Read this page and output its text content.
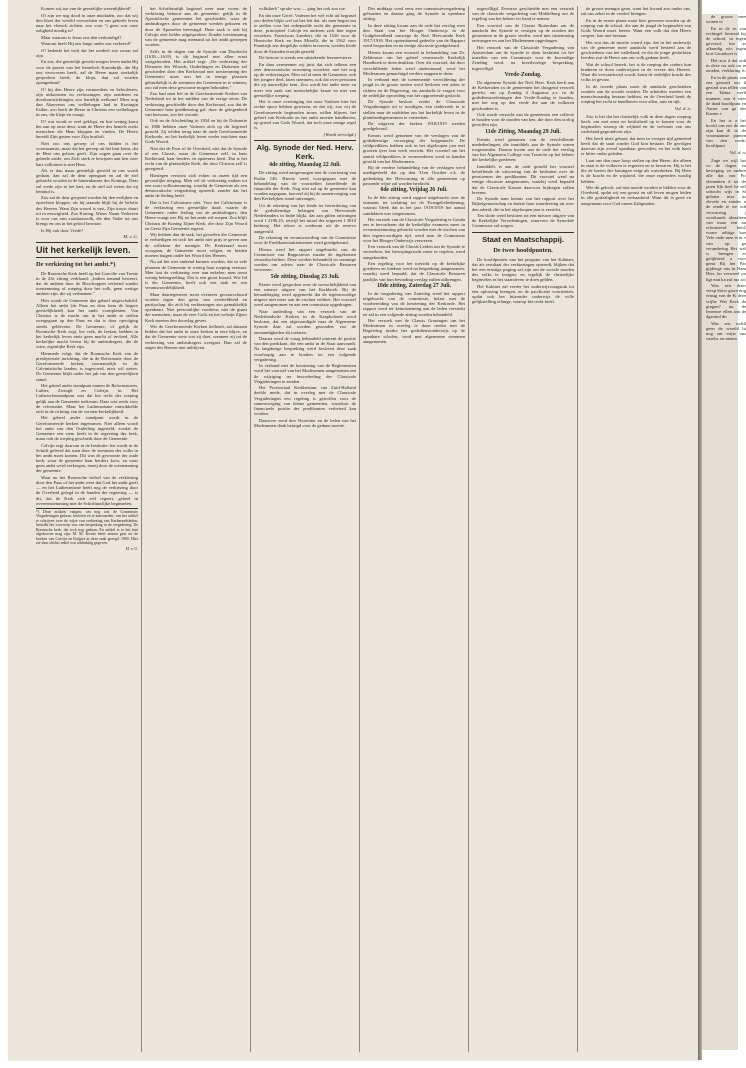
Komen wij toe van de geestelijke wesenlijkheid?

Of zijn we nog dood in onze misdaden, zoo dat wij den bloei der wereld verwachten en ons geheele leven naar het vleesch richten, zoo voor "t geen wat onze zaligheid noodig is?

Maar waarom is Jezus ons den verkondigd?

Waarom heeft Hij ons lange onder ons verkeerd?

O! bedenkt het toch dat het oordeel zoo zwaar zal zijn.

En zist, die geestelijk gewekt mogen leven nadat Hij voor de poorte van het hemelsch Koninkrijk, die Hij ons verworven heeft, zal de Heere maar werkelijk gesproken heeft; de klopt, dan zal worden opengedaan?

O! bij den Heere zijn vermoedens en beloofenen, zijn uitkomsten en verlossingen, zijn zonderen en doorkomstichtingen, zoo hartelijk welkomt! Meer nog dan Ahasverus ons welbehagen had in Koningin Esther, zoo heeft de Heere in Christus een welbehagen in ons, die klopt en vraagt.

O! wat wordt er veel geklopt, en hoe weinig komt het aan op onze deur, want de Heere des hemels zoekt menschen die Hem kloppen en vinden. De Heere bereidt Zijn gasten voor Zijn bruiloft.

Niet zoo ons geroep of ons bidden is het voornaamste, maar dat het geroep uit het hart komt, dat de Heer ons gehoor geeft. Zijn oogen gaan over de geheele aarde, om Zich sterk te bewijzen aan hen wier hart volkomen is met Hem.

Als er dan maar geestelijk geweld in ons wordt gedaan, dan zal de deur opengaan en zal de ziel gebracht worden in de binnenkamer des Konings. Daar zal vrede zijn in het hart, en de ziel zal weten dat zij bemind is.

Zoo zal de deur geopend worden bij den eerlijken en oprechten klopper, als hij staande blijft bij de belofte des Heeren. Want Zijn woord is vast, Zijn trouw duurt tot in eeuwigheid. Zoo Koning, Wiens Naam Verheven is voor ons arm zondaarsvolk, die den Vader tot ons brengt en ons in het geloof bewaart.

Is Hij ook door Vrede?

M. v. G.
Uit het kerkelijk leven.
De verkiezing tot het ambt.*)

De Roomsche Kerk heeft op het Concilie van Trente in de 23e zitting verklaard: „Indien iemand beweert, dat de ambten door de Bisschoppen verleend zonder toestemming of roeping door het volk, geen wettige ambten zijn, die zij verbannen."

Hier wordt de Gemeente dus geheel uitgeschakeld. Alleen het ambt (de Paus en door hem de hogere geestelijkheid) kan het ambt voortplanten. Van Christus is de macht om in het ambt te stellen overgegaan op den Paus en dat is door opvolging steeds geblevene. De Gemeente, of gelijk de Roomsche Kerk zegt, het volk, de leeken, hebben in het kerkelijk leven niets geen macht of invloed. Alle kerkelijke macht berust bij de ambtsdragers, die de ware, eigenlijke Kerk zijn.

Hiermede volgt, dat de Roomsche Kerk van de presbyteriale inrichting, die in de Reformatie door de Gereformeerde kerken, voornamelijk in de Calvinistische landen, is ingevoerd, niets wil weten. De Gemeente blijft onder het juk van den geestelijken stand.

Het geheel ander standpunt namen de Reformatoren, Luther, Zwingli en Calvijn, in. Het Lutherschestandpunt was dat het recht der roeping gelijk aan de Gemeente toekwam. Daar was reeds voor de reformatie. Maar het Lutheranisme ontwikkelde zich in de richting van de vorsten-kerkelijkheid.

Het geheel ander standpunt wordt in de Gereformeerde kerken ingenomen. Niet alleen wordt het ambt van den Ouderling ingesteld, zoodat de Gemeente een stem heeft in de regeering der kerk, maar ook de roeping geschiedt door de Gemeente.

Calvijn zegt daarvan in de Institutie: het wordt in de Schrift geleerd dat men door de stemmen des volks in het ambt moet komen. Dit was de gewoonte der oude kerk, waar de gemeente haar herders koos, en waar geen ambt werd verkregen, tenzij door de toestemming der gemeente.

Waar nu het Roomsche stelsel van de verkiezing door den Paus of het ambt weet dat God het ambt geeft — en het Lutheranisme heeft nog de verkiezing door de Overheid gelegd in de handen der regeering — is dit, dat de Kerk zich zelf regeert, geheel in overeenstemming met de Schriftuurlijke beginselen.

*) Deze artikels vangen, om nog wat de Commissie Vergaderingen gedaan, besloten en te aanvaarden, van het artikel te schrijven over de wijze van verkiezing van Kerkeraadsleden, hetwelk het voorwerp was van bespreking in de vergadering. De Roomsche kerk, dat toch nog gedaan, En artikel is te het hart afgekorven mag zijn. M. M. Koster heeft zinnen gezi uit de boeken van Calvijn en Kuijper in deze zaak gezegd. 1860. Hier zie daar slechts enkel wat uitdrukkig gegeven.
M. v. G.

het Schriftuurlijk beginsel weer naar voren: de verkiezing behoort aan de gemeente, gelijk in de Apostolische gemeenten het geschiedde, waar de ambtsdragers door de gemeente werden gekozen en door de Apostelen bevestigd. Deze zaak is ook bij Calvijn zeer helder uitgesproken. Zonder toestemming van de gemeente mag niemand tot het ambt geroepen worden.

Zelfs in de dagen van de Synode van Dordrecht (1618—1619) is dit beginsel met allen ernst vastgehouden. Het artikel zegt: „De verkiezing der Dienaren des Woords, Ouderlingen en Diakenen zal geschieden door den Kerkeraad met toestemming der Gemeente; maar zoo het in eenige plaatsen gebruikelijk is de stemmen der Gemeente in te winnen, zoo zal men deze gewoonte mogen behouden."

Zoo had men het in de Gereformeerde Kerken van Nederland tot in het midden van de vorige eeuw. De verkiezing geschiedde door den Kerkeraad, zoo dat de Gemeente haar goedkeuring gaf, door de gelegenheid van bezwaar, zoo het woordt.

Ook na de Afscheiding in 1834 en bij de Doleantie in 1886 hebben onze Vaderen zich op dit beginsel gesteld. Zij wilden terug naar de oude Gereformeerde Kerkorde, en het kerkelijk leven weder inrichten naar Gods Woord.

Niet dat de Paus of de Overheid, niet dat de Synode of een Classis, maar de Gemeente zelf, in haar Kerkeraad, haar herders en opzieners kiest. Dat is het recht van de plaatselijke Kerk, die door Christus zelf is geregeerd.

Hiertegen vertoont zich echter in onzen tijd een gevaarlijke neiging. Men wil de verkiezing maken tot een soort volksstemming, waarbij de Gemeente als een democratische vergadering optreedt, zonder dat het ambt de leiding heeft.

Dat is het Calvinisme niet. Voor het Calvinisme is de verkiezing een geestelijke daad, waarin de Gemeente, onder leiding van de ambtsdragers, den Heere vraagt wie Hij tot het ambt wil roepen. Zoo blijft Christus de Koning Zijner Kerk, die door Zijn Woord en Geest Zijn Gemeente regeert.

Wij hebben dan de taak, het gevoelen der Gemeente te eerbiedigen en toch het ambt niet prijs te geven aan de willekeur der menigte. De Kerkeraad moet voorgaan, de Gemeente moet volgen, en beiden moeten buigen onder het Woord des Heeren.

Nu zal het niet ontkend kunnen worden, dat in vele plaatsen de Gemeente te weinig haar roeping verstaat. Men laat de verkiezing over aan enkelen; men toont weinig belangstelling. Dat is een groot kwaad. Wie lid is der Gemeente, heeft ook een taak en een verantwoordelijkheid.

Maar daartegenover moet evenzeer gewaarschuwd worden tegen den geest van verdeeldheid en partijschap, die zich bij verkiezingen zoo gemakkelijk openbaart. Niet persoonlijke voorkeur, niet de gunst der menschen, maar de eere Gods en het welzijn Zijner Kerk moeten den doorslag geven.

Wie de Gereformeerde Kerken liefheeft, zal daarom bidden dat het ambt in onze kerken in eere blijve, en dat de Gemeente wete wat zij doet, wanneer zij tot de verkiezing van ambtsdragers overgaat. Dan zal de zegen des Heeren niet uitblijven.

volkskerk" sprake was — ging het ook zoo toe.

En dat onze Geref. Vaderen het wel echt uit beginsel zoo deden blijkt wel uit het feit dat, als men begon om te stellen voor het onbepaalde recht der gemeente in deze, principieel Calvijn en anderen zich hier tegen verzetten. Franciscus Lambert, die in 1526 voor de Hessische Kerk en Jean Morelli, die in 1562 voor Frankrijk iets dergelijks wilden invoeren, werden beide door de Synoden terzijde gesteld.

De historie is steeds een uitstekende leermeesteres.

En daar vermeenen wij juist dat zich telkens een zeer democratische strooming voordoet, met het oog op de verkiezingen. Men wil al meer de Gemeente, ook het jongere deel, laten stemmen, ook dat over personen die zij nauwelijks kent. Zoo wordt het ambt meer en meer een zaak van menschelijke keuze en niet van geestelijke roeping.

Het is onze overtuiging dat onze Vaderen hier het rechte spoor hebben gewezen, en dat wij, zoo wij de Gereformeerde beginselen trouw willen blijven, het geheel van Kerkorde en het ambt moeten handhaven, op grond van Gods Woord, dat toch onze eenige regel is.

(Wordt vervolgd.)
Alg. Synode der Ned. Herv. Kerk.
4de zitting, Maandag 22 Juli.

De zitting werd aangevangen met de voorlezing van Psalm 146. Hierna werd voortgegaan met de behandeling van de voorstellen betreffende de financiën der Kerk. Nog niet zal op de gemeente kan worden nagegaan, hoeveel zij bij de samenvoeging van den Kerkelijken stand ontvangen.

Uit de rekening van het fonds ter bevordering van de godsdienstige belangen van Hervormde Nederlanders in Indië blijkt, dat aan giften ontvangen werd f 2196.25, terwijl het totaal der uitgaven f 3010 bedroeg. Het tekort is wederom uit de reserve aangevuld.

De rekening en verantwoording van de Commissie voor de Predikantstraktementen werd goedgekeurd.

Hierna werd het rapport uitgebracht van de Commissie van Rapporteurs inzake de ingekomen verzoekschriften. Deze werden behandeld en sommige werden om advies naar de Classicale Besturen verwezen.

5de zitting, Dinsdag 23 Juli.

Eerste werd gesproken over de wenschelijkheid van een nieuwe uitgave van het Kerkboek. Bij de beraadslaging werd opgemerkt dat de tegenwoordige uitgave niet meer aan de eischen voldoet. Het voorstel werd aangenomen en aan een commissie opgedragen.

Naar aanleiding van een verzoek van de Nederlandsche Kerken in de Kaapkolonie werd besloten, dat een afgevaardigde naar de Algemeene Synode daar zal worden gezonden, zoo de omstandigheden dit toelaten.

Daarna werd de vraag behandeld omtrent de positie van den predikant, die een ambt in de Staat aanvaardt. Na langdurige bespreking werd besloten deze zaak voorloopig aan te houden tot een volgende vergadering.

In verband met de herziening van de Reglementen werd het voorstel van het Moderamen aangenomen om de wijziging ter beoordeeling der Classicale Vergaderingen te zenden.

Het Provinciaal Kerkbestuur van Zuid-Holland deelde mede, dat in overleg met de Classicale Vergaderingen een regeling is getroffen voor de samenvoeging van kleine gemeenten, waardoor de financieele positie der predikanten verbeterd kan worden.

Daarover werd den Voorzitter en de leden van het Moderamen dank betuigd voor de gedane moeite.

Des middags werd eerst een commissievergadering gehouden en daarna ging de Synode in openbare zitting.

In deze zitting kwam aan de orde het verslag over den Staat van het Hooger Onderwijs in de Godgeleerdheid vanwege de Ned. Hervormde Kerk 1917/1918. Het opzienbarend gedeelte van de Rapport werd besproken en na eenige discussie goedgekeurd.

Hierna kwam een voorstel in behandeling van Dr. Zeldenrust om het geheel vernieuwde Kerkelijk Handboek te doen drukken. Over dit voorstel, dat door verschillende leden werd ondersteund, werd het Moderamen gemachtigd verdere stappen te doen.

In verband met de toenemende verwildering der jeugd in de groote steden werd besloten een adres te richten tot de Regeering, om aandacht te vragen voor de zedelijke opvoeding van het opgroeiende geslacht.

De Synode besloot verder de Classicale Vergaderingen uit te noodigen, een onderzoek in te stellen naar de middelen om het kerkelijk leven in de plattelandsgemeenten te versterken.

De uitgaven der kerken 1918/1919 werden goedgekeurd.

Kennis werd genomen van de verslagen van de godsdienstige verzorging der krijgsmacht. De veldpredikers hebben ook in het afgeloopen jaar met grooten ijver hun werk verricht. Het voorstel om het aantal veldpredikers te vermeerderen werd in handen gesteld van het Moderamen.

Bij de verdere behandeling van de verslagen werd medegedeeld dat op den 31en October e.k. de gedenkdag der Hervorming in alle gemeenten op passende wijze zal worden herdacht.

6de zitting, Vrijdag 26 Juli.

In de 6de zitting werd rapport uitgebracht over de examens ter toelating tot de Evangeliebediening, waaruit bleek dat in het jaar 1918/1919 het aantal candidaten was toegenomen.

Het verzoek van de Classicale Vergadering te Gouda om te bevorderen dat de kerkelijke examens meer in overeenstemming gebracht worden met de eischen van den tegenwoordigen tijd, werd naar de Commissie voor het Hooger Onderwijs verwezen.

Een verzoek van de Classis Leiden om de Synode te verzoeken, het beroepingswerk meer te regelen, werd aangehouden.

Een regeling voor het toezicht op de kerkelijke goederen en fondsen werd na bespreking aangenomen, waarbij werd bepaald, dat de Classicale Besturen jaarlijks van hun bevinding verslag zullen uitbrengen.

10de zitting, Zaterdag 27 Juli.

In de vergadering van Zaterdag werd het rapport uitgebracht van de commissie, belast met de voorbereiding van de herziening der Kerkorde. Het rapport werd ter kennisneming aan de leden verstrekt en zal in een volgende zitting worden behandeld.

Het verzoek van de Classis Groningen om het Moderamen in overleg te doen treden met de Regeering inzake het godsdienstonderwijs op de openbare scholen, werd met algemeene stemmen aangenomen.

ingewilligd. Evenzoo geschiedde met een verzoek van de classicale vergadering van Middelburg om de regeling van het beheer ter hand te nemen.

Een voorstel van de Classis Rotterdam om de aandacht der Synode te vestigen op de nooden der gemeenten in de groote steden, werd met instemming ontvangen en aan het Moderamen opgedragen.

Het verzoek van de Classicale Vergadering van Amsterdam om de Synode te doen besluiten tot het instellen van een Commissie voor de Inwendige Zending werd, na breedvoerige bespreking, ingewilligd.

Vrede-Zondag.

De algemene Synode der Ned. Herv. Kerk heeft aan de Kerkeraden in de gemeenten het dringend verzoek gericht, om op Zondag 4 Augustus a.s. in de godsdienstoefeningen den Vrede-Zondag te houden, met het oog op den vrede die aan de volkeren geschonken is.

Ook wordt verzocht aan de gemeenten een collecte te houden voor de nooden van hen, die door den oorlog getroffen zijn.

11de Zitting, Maandag 29 Juli.

Kennis werd genomen van de verschillende mededeelingen, die inmiddels aan de Synode waren toegezonden. Daarna kwam aan de orde het verslag van het Algemeen College van Toezicht op het beheer der kerkelijke goederen.

Inmiddels is aan de orde gesteld het voorstel betreffende de uitvoering van de besluiten over de pensioenen der predikanten. Dit voorstel werd na eenige discussie aangenomen, waarbij werd bepaald dat de Classicale Kassen daarvoor bijdragen zullen leveren.

De Synode nam kennis van het rapport over het Bijbelgenootschap en drukte haar waardeering uit over den arbeid, die in het afgeloopen jaar is verricht.

Ten slotte werd besloten tot een nieuwe uitgave van de Kerkelijke Verordeningen, waarvoor de Synodale Commissie zal zorgen.

Staat en Maatschappij.
De twee hoofdpunten.

De hoofdpunten van het program van het Kabinet, dat als resultaat der verkiezingen optreedt, blijken dat het een ernstige poging zal zijn om de sociale nooden des volks te lenigen, en tegelijk de christelijke beginselen in het staatsleven te doen gelden.

Het Kabinet zal verder het onderwijsvraagstuk tot een oplossing brengen, en de pacificatie voortzetten, opdat ook het bijzonder onderwijs de volle gelijkstelling erlange, waarop het recht heeft.

de groote menigte gaan, want het kwaad zoo onder ons, zal ons zeker in de verderf brengen.

En in de eerste plaats moet hier gewezen worden op de roeping van de school, die aan de jeugd de beginselen van Gods Woord moet leeren. Want een volk dat den Heere vergeet, kan niet bestaan.

Het zou dus de moeite waard zijn, dat in het onderwijs van de gemeente meer aandacht werd besteed aan de geschiedenis van het vaderland, en dat de jonge geslachten leerden wat de Heere aan ons volk gedaan heeft.

Wat de school betreft, het is de roeping der ouders hun kinderen te doen onderwijzen in de vreeze des Heeren. Waar dit verwaarloosd wordt, komt de zedelijke kracht des volks in gevaar.

In de tweede plaats moet de aandacht geschonken worden aan de sociale nooden. De arbeiders moeten een menschwaardig bestaan hebben, en de Overheid heeft de roeping het recht te handhaven voor allen, arm en rijk.

Vol. d. n.

Zoo is het dat het christelijk volk in deze dagen roeping heeft, om met ernst en beslistheid op te komen voor de beginselen waarop de vrijheid en de welvaart van ons vaderland gegrondvest zijn.

Het heeft niets gebaat, dat men in vroeger tijd gemeend heeft dat de staat zonder God kon bestaan. De gevolgen daarvan zijn overal openbaar geworden, en het volk heeft er bitter onder geleden.

Laat ons dan onze hoop stellen op den Heere, die alleen in staat is de volkeren te regeeren en te bewaren. Hij is het die de harten der koningen neigt als waterbeken. Bij Hem is de kracht en de wijsheid, die onze regeerders noodig hebben.

Wie dit gelooft, zal niet moede worden te bidden voor de Overheid, opdat wij een gerust en stil leven mogen leiden in alle godzaligheid en eerbaarheid. Want dit is goed en aangenaam voor God onzen Zaligmaker.

de groote mee wonen te

En in de ee van rechtsgel bestond bij de school, so tegen gevoerd, kre ar afkondig wie tegen kort Grondwet is

Het zou d dat ook in deze nu ook on te zouden, verklaring is

En in de plaats van ons gestraft om d gezind was tellen van een Talma werd mannen van d wier de daad hoofdpunt en Aaron van ga der Kamer e

En het is a het hoofd ons ner de ons zijn kan di in de voornaamste punten van den vrede, hoofdpunt

Vol. d. n.

Zage we wijl het vo de dagen va beweging va ondere alle dat van Pri elementen d tot de jaren lijk heel he nel schoolw wijs in St gelaten mor as elevele en zonder u de rende te we sch verwarring j voorkunde ideaaleen van maar een an reformeerd heid, waarv aditige kue Vele onde men is in v van op ge verandering Het wel w brengen er gelijkheid a voor gemi Bij het Par gijdenge ons in Ham Hier, ho verwoed po ligt mat ka zul ma zit

Was sen dizer versp Stuvr groot nog ernsig van de K deze vrijhe Wat Kerk da gingen? nu de lenenwe ellen aan de dgeomd dn

Was sen ischil geen de wereld hi nog om vrijsr ons vaseln, en meten
